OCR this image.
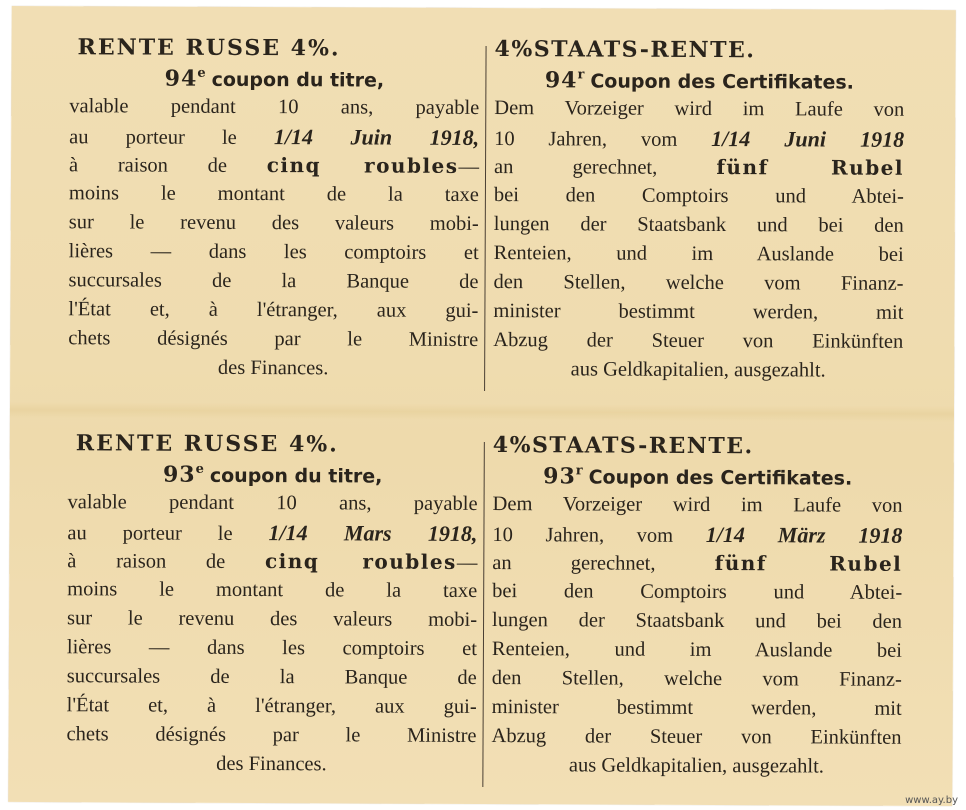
RENTE RUSSE 4%.
94e coupon du titre,
valable pendant 10 ans, payable
au porteur le 1/14 Juin 1918,
à raison de cinq roubles—
moins le montant de la taxe
sur le revenu des valeurs mobi-
lières — dans les comptoirs et
succursales de la Banque de
l'État et, à l'étranger, aux gui-
chets désignés par le Ministre
des Finances.
4%STAATS-RENTE.
94$^r$ Coupon des Certifikates.
Dem Vorzeiger wird im Laufe von
10 Jahren, vom 1/14 Juni 1918
an gerechnet,	fünf Rubel
bei den Comptoirs und Abtei-
lungen der Staatsbank und bei den
Renteien, und im Auslande bei
den Stellen, welche vom Finanz-
minister bestimmt werden, mit
Abzug der Steuer von Einkünften
aus Geldkapitalien, ausgezahlt.
RENTE RUSSE 4%.
93e coupon du titre,
valable pendant 10 ans, payable
au porteur le 1/14 Mars 1918,
à raison de cinq roubles—
moins le montant de la taxe
sur le revenu des valeurs mobi-
lières — dans les comptoirs et
succursales de la Banque de
l'État et, à l'étranger, aux gui-
chets désignés par le Ministre
des Finances.
4%STAATS-RENTE.
93$^r$ Coupon des Certifikates.
Dem Vorzeiger wird im Laufe von
10 Jahren, vom 1/14 März 1918
an gerechnet,	fünf Rubel
bei den Comptoirs und Abtei-
lungen der Staatsbank und bei den
Renteien, und im Auslande bei
den Stellen, welche vom Finanz-
minister bestimmt werden, mit
Abzug der Steuer von Einkünften
aus Geldkapitalien, ausgezahlt.
www.ay.by
